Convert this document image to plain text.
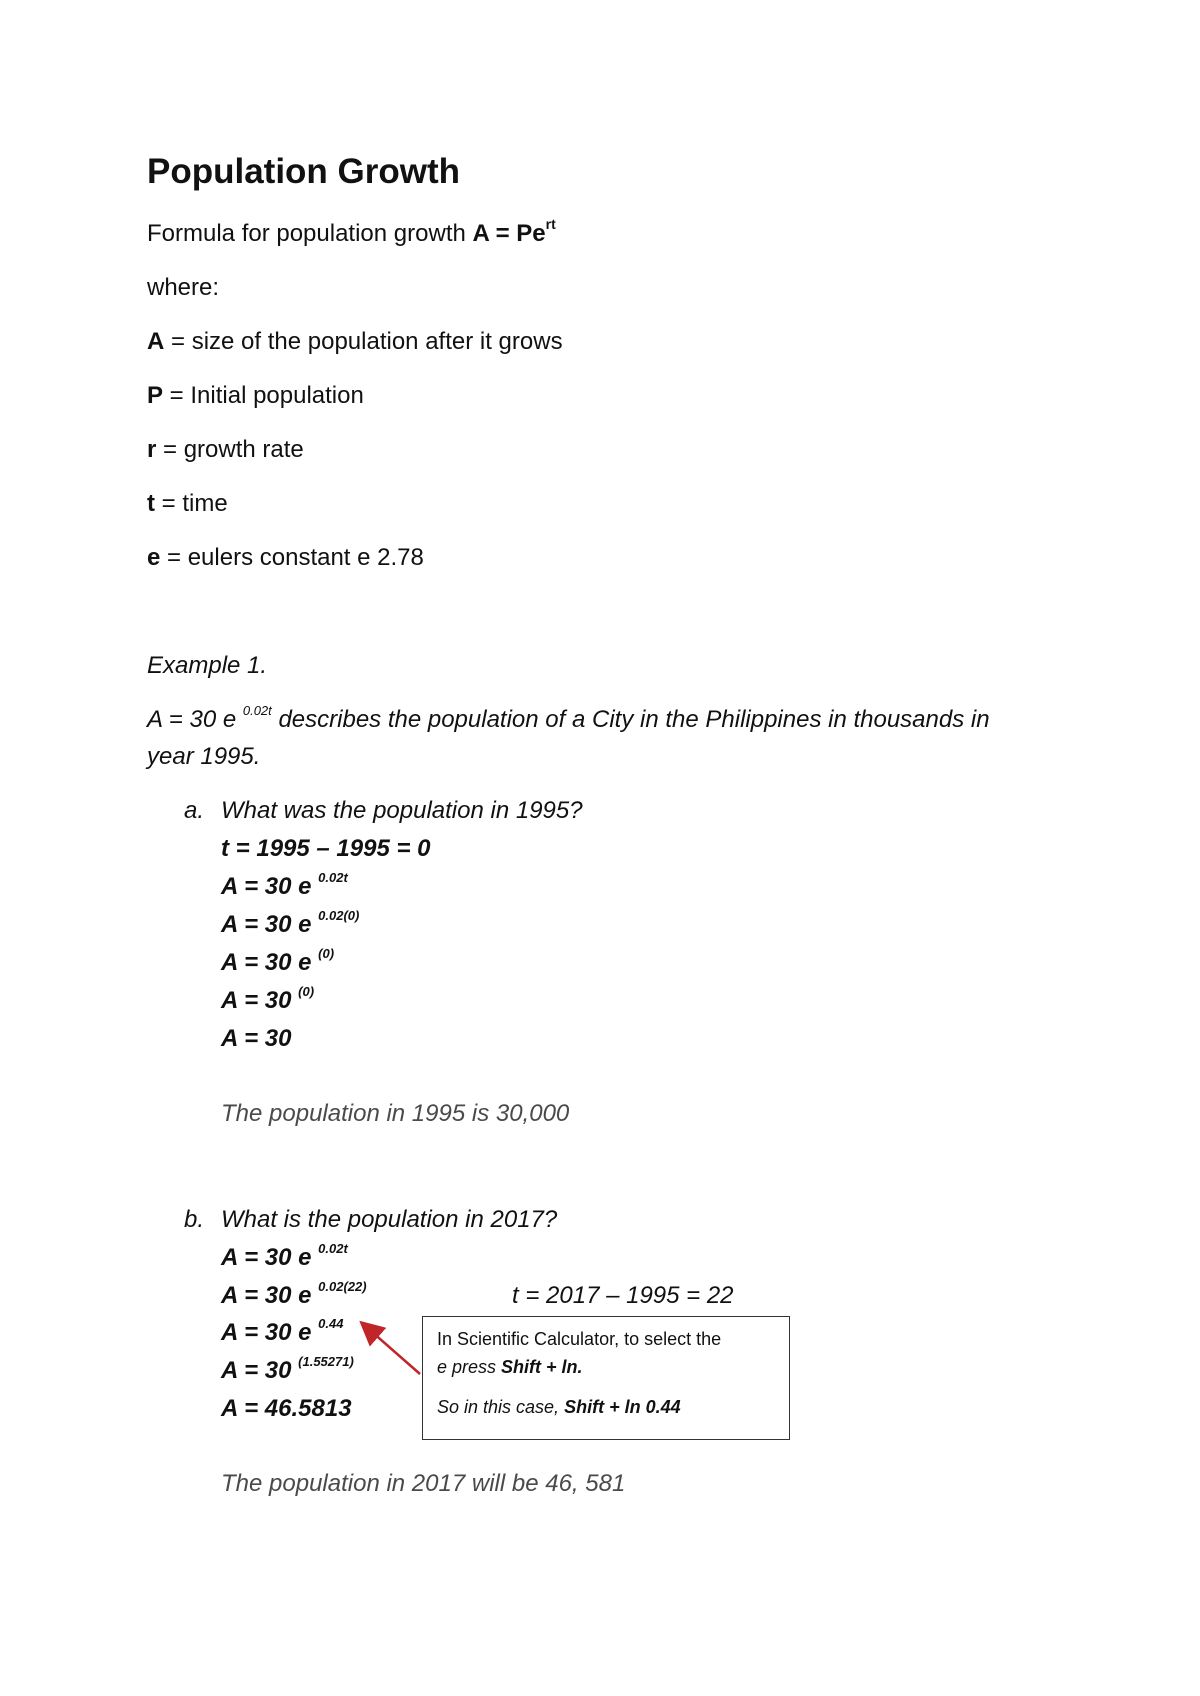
Population Growth
Formula for population growth $A = Pe^{rt}$
where:
A = size of the population after it grows
P = Initial population
r = growth rate
t = time
e = eulers constant e 2.78
Example 1.
A = 30 e $^{0.02t}$ describes the population of a City in the Philippines in thousands in
year 1995.
a. What was the population in 1995?
t = 1995 – 1995 = 0
A = 30 e $^{0.02t}$
A = 30 e $^{0.02(0)}$
A = 30 e $^{(0)}$
A = 30 $^{(0)}$
A = 30
The population in 1995 is 30,000
b. What is the population in 2017?
A = 30 e $^{0.02t}$
A = 30 e $^{0.02(22)}$
A = 30 e $^{0.44}$
A = 30 $^{(1.55271)}$
A = 46.5813
t = 2017 – 1995 = 22
In Scientific Calculator, to select the
e press Shift + ln.
So in this case, Shift + ln 0.44
The population in 2017 will be 46, 581
